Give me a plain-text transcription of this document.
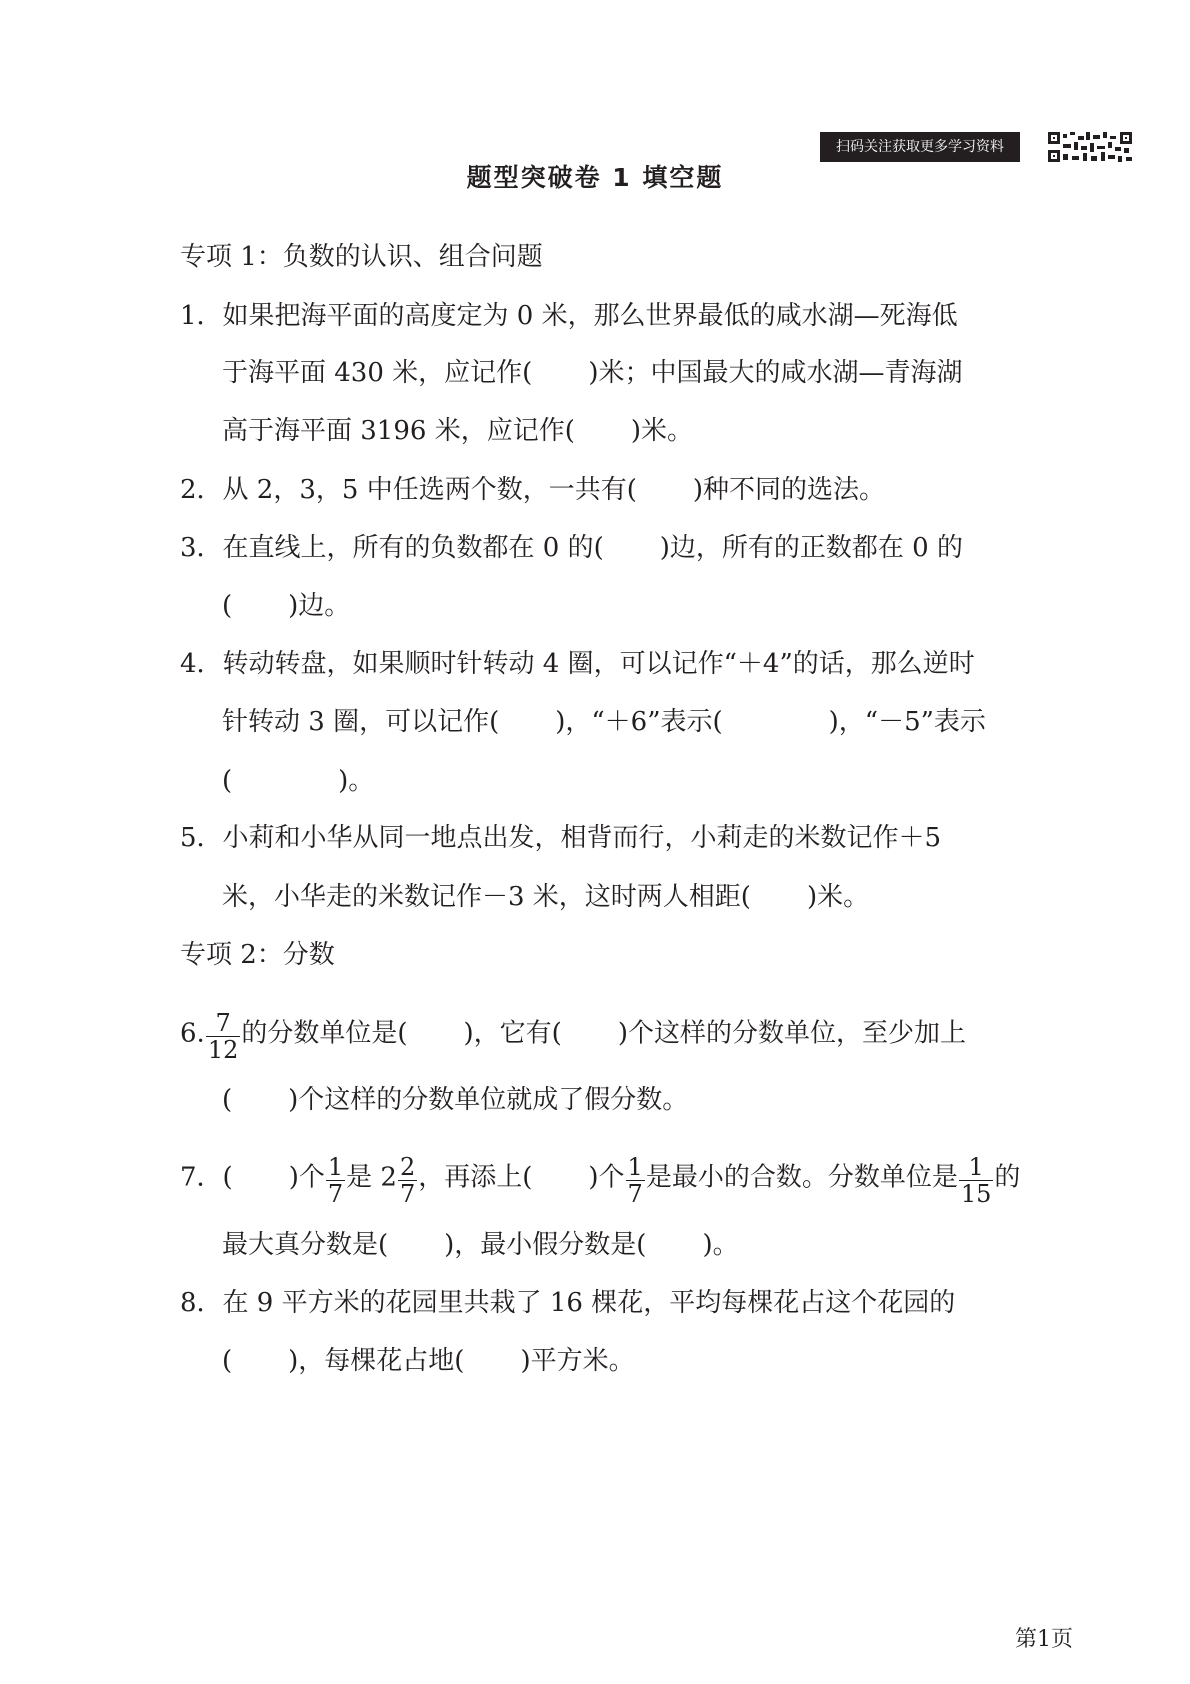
扫码关注获取更多学习资料
题型突破卷 1 填空题
专项 1：负数的认识、组合问题
1．如果把海平面的高度定为 0 米，那么世界最低的咸水湖—死海低
于海平面 430 米，应记作( )米；中国最大的咸水湖—青海湖
高于海平面 3196 米，应记作( )米。
2．从 2，3，5 中任选两个数，一共有( )种不同的选法。
3．在直线上，所有的负数都在 0 的( )边，所有的正数都在 0 的
( )边。
4．转动转盘，如果顺时针转动 4 圈，可以记作“＋4”的话，那么逆时
针转动 3 圈，可以记作( )，“＋6”表示(	)，“－5”表示
(	)。
5．小莉和小华从同一地点出发，相背而行，小莉走的米数记作＋5
米，小华走的米数记作－3 米，这时两人相距( )米。
专项 2：分数
6. $\frac{7}{12}$ 的分数单位是( )，它有( )个这样的分数单位，至少加上
( )个这样的分数单位就成了假分数。
7．( )个 $\frac{1}{7}$ 是 $2 \frac{2}{7}$ ，再添上( )个 $\frac{1}{7}$ 是最小的合数。分数单位是 $\frac{1}{15}$ 的
最大真分数是( )，最小假分数是( )。
8．在 9 平方米的花园里共栽了 16 棵花，平均每棵花占这个花园的
( )，每棵花占地( )平方米。
第1页
